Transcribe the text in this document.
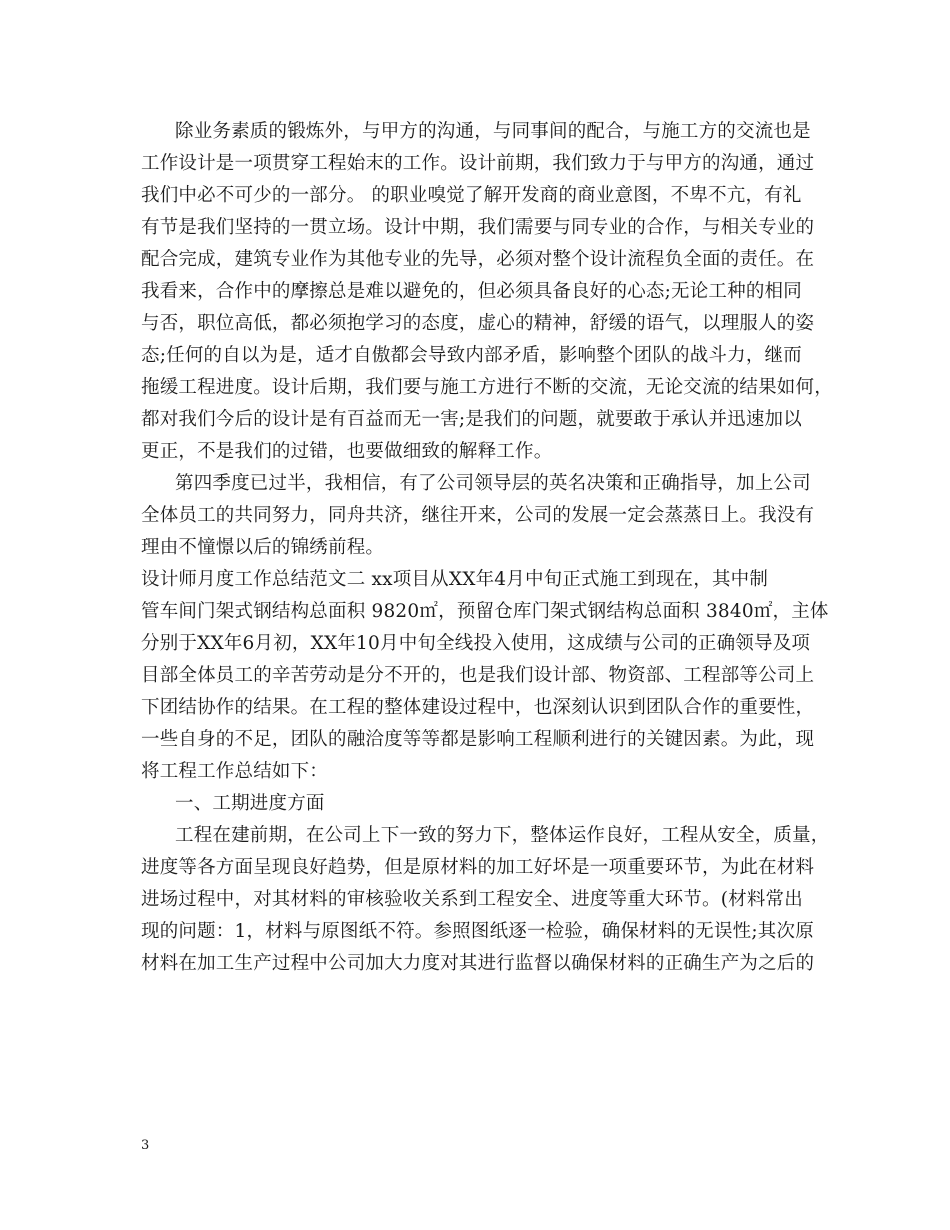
除业务素质的锻炼外，与甲方的沟通，与同事间的配合，与施工方的交流也是
工作设计是一项贯穿工程始末的工作。设计前期，我们致力于与甲方的沟通，通过
我们中必不可少的一部分。 的职业嗅觉了解开发商的商业意图，不卑不亢，有礼
有节是我们坚持的一贯立场。设计中期，我们需要与同专业的合作，与相关专业的
配合完成，建筑专业作为其他专业的先导，必须对整个设计流程负全面的责任。在
我看来，合作中的摩擦总是难以避免的，但必须具备良好的心态;无论工种的相同
与否，职位高低，都必须抱学习的态度，虚心的精神，舒缓的语气，以理服人的姿
态;任何的自以为是，适才自傲都会导致内部矛盾，影响整个团队的战斗力，继而
拖缓工程进度。设计后期，我们要与施工方进行不断的交流，无论交流的结果如何，
都对我们今后的设计是有百益而无一害;是我们的问题，就要敢于承认并迅速加以
更正，不是我们的过错，也要做细致的解释工作。
第四季度已过半，我相信，有了公司领导层的英名决策和正确指导，加上公司
全体员工的共同努力，同舟共济，继往开来，公司的发展一定会蒸蒸日上。我没有
理由不憧憬以后的锦绣前程。
设计师月度工作总结范文二 xx项目从XX年4月中旬正式施工到现在，其中制
管车间门架式钢结构总面积 9820㎡，预留仓库门架式钢结构总面积 3840㎡，主体
分别于XX年6月初，XX年10月中旬全线投入使用，这成绩与公司的正确领导及项
目部全体员工的辛苦劳动是分不开的，也是我们设计部、物资部、工程部等公司上
下团结协作的结果。在工程的整体建设过程中，也深刻认识到团队合作的重要性，
一些自身的不足，团队的融洽度等等都是影响工程顺利进行的关键因素。为此，现
将工程工作总结如下：
一、工期进度方面
工程在建前期，在公司上下一致的努力下，整体运作良好，工程从安全，质量，
进度等各方面呈现良好趋势，但是原材料的加工好坏是一项重要环节，为此在材料
进场过程中，对其材料的审核验收关系到工程安全、进度等重大环节。(材料常出
现的问题：1，材料与原图纸不符。参照图纸逐一检验，确保材料的无误性;其次原
材料在加工生产过程中公司加大力度对其进行监督以确保材料的正确生产为之后的
3
